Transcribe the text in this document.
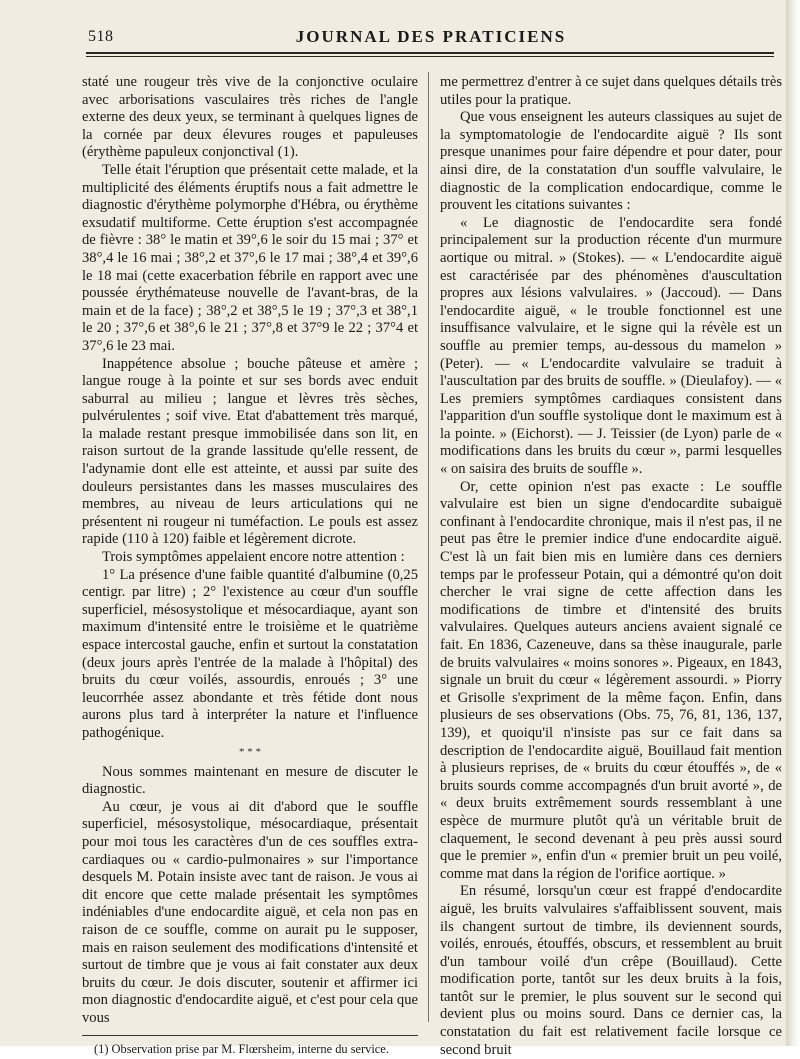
518	JOURNAL DES PRATICIENS

staté une rougeur très vive de la conjonctive oculaire avec arborisations vasculaires très riches de l'angle externe des deux yeux, se terminant à quelques lignes de la cornée par deux élevures rouges et papuleuses (érythème papuleux conjonctival (1).

Telle était l'éruption que présentait cette malade, et la multiplicité des éléments éruptifs nous a fait admettre le diagnostic d'érythème polymorphe d'Hébra, ou érythème exsudatif multiforme. Cette éruption s'est accompagnée de fièvre : 38° le matin et 39°,6 le soir du 15 mai ; 37° et 38°,4 le 16 mai ; 38°,2 et 37°,6 le 17 mai ; 38°,4 et 39°,6 le 18 mai (cette exacerbation fébrile en rapport avec une poussée érythémateuse nouvelle de l'avant-bras, de la main et de la face) ; 38°,2 et 38°,5 le 19 ; 37°,3 et 38°,1 le 20 ; 37°,6 et 38°,6 le 21 ; 37°,8 et 37°9 le 22 ; 37°4 et 37°,6 le 23 mai.

Inappétence absolue ; bouche pâteuse et amère ; langue rouge à la pointe et sur ses bords avec enduit saburral au milieu ; langue et lèvres très sèches, pulvérulentes ; soif vive. Etat d'abattement très marqué, la malade restant presque immobilisée dans son lit, en raison surtout de la grande lassitude qu'elle ressent, de l'adynamie dont elle est atteinte, et aussi par suite des douleurs persistantes dans les masses musculaires des membres, au niveau de leurs articulations qui ne présentent ni rougeur ni tuméfaction. Le pouls est assez rapide (110 à 120) faible et légèrement dicrote.

Trois symptômes appelaient encore notre attention :

1° La présence d'une faible quantité d'albumine (0,25 centigr. par litre) ; 2° l'existence au cœur d'un souffle superficiel, mésosystolique et mésocardiaque, ayant son maximum d'intensité entre le troisième et le quatrième espace intercostal gauche, enfin et surtout la constatation (deux jours après l'entrée de la malade à l'hôpital) des bruits du cœur voilés, assourdis, enroués ; 3° une leucorrhée assez abondante et très fétide dont nous aurons plus tard à interpréter la nature et l'influence pathogénique.

* * *

Nous sommes maintenant en mesure de discuter le diagnostic.

Au cœur, je vous ai dit d'abord que le souffle superficiel, mésosystolique, mésocardiaque, présentait pour moi tous les caractères d'un de ces souffles extra-cardiaques ou « cardio-pulmonaires » sur l'importance desquels M. Potain insiste avec tant de raison. Je vous ai dit encore que cette malade présentait les symptômes indéniables d'une endocardite aiguë, et cela non pas en raison de ce souffle, comme on aurait pu le supposer, mais en raison seulement des modifications d'intensité et surtout de timbre que je vous ai fait constater aux deux bruits du cœur. Je dois discuter, soutenir et affirmer ici mon diagnostic d'endocardite aiguë, et c'est pour cela que vous

(1) Observation prise par M. Flœrsheim, interne du service.

me permettrez d'entrer à ce sujet dans quelques détails très utiles pour la pratique.

Que vous enseignent les auteurs classiques au sujet de la symptomatologie de l'endocardite aiguë ? Ils sont presque unanimes pour faire dépendre et pour dater, pour ainsi dire, de la constatation d'un souffle valvulaire, le diagnostic de la complication endocardique, comme le prouvent les citations suivantes :

« Le diagnostic de l'endocardite sera fondé principalement sur la production récente d'un murmure aortique ou mitral. » (Stokes). — « L'endocardite aiguë est caractérisée par des phénomènes d'auscultation propres aux lésions valvulaires. » (Jaccoud). — Dans l'endocardite aiguë, « le trouble fonctionnel est une insuffisance valvulaire, et le signe qui la révèle est un souffle au premier temps, au-dessous du mamelon » (Peter). — « L'endocardite valvulaire se traduit à l'auscultation par des bruits de souffle. » (Dieulafoy). — « Les premiers symptômes cardiaques consistent dans l'apparition d'un souffle systolique dont le maximum est à la pointe. » (Eichorst). — J. Teissier (de Lyon) parle de « modifications dans les bruits du cœur », parmi lesquelles « on saisira des bruits de souffle ».

Or, cette opinion n'est pas exacte : Le souffle valvulaire est bien un signe d'endocardite subaiguë confinant à l'endocardite chronique, mais il n'est pas, il ne peut pas être le premier indice d'une endocardite aiguë. C'est là un fait bien mis en lumière dans ces derniers temps par le professeur Potain, qui a démontré qu'on doit chercher le vrai signe de cette affection dans les modifications de timbre et d'intensité des bruits valvulaires. Quelques auteurs anciens avaient signalé ce fait. En 1836, Cazeneuve, dans sa thèse inaugurale, parle de bruits valvulaires « moins sonores ». Pigeaux, en 1843, signale un bruit du cœur « légèrement assourdi. » Piorry et Grisolle s'expriment de la même façon. Enfin, dans plusieurs de ses observations (Obs. 75, 76, 81, 136, 137, 139), et quoiqu'il n'insiste pas sur ce fait dans sa description de l'endocardite aiguë, Bouillaud fait mention à plusieurs reprises, de « bruits du cœur étouffés », de « bruits sourds comme accompagnés d'un bruit avorté », de « deux bruits extrêmement sourds ressemblant à une espèce de murmure plutôt qu'à un véritable bruit de claquement, le second devenant à peu près aussi sourd que le premier », enfin d'un « premier bruit un peu voilé, comme mat dans la région de l'orifice aortique. »

En résumé, lorsqu'un cœur est frappé d'endocardite aiguë, les bruits valvulaires s'affaiblissent souvent, mais ils changent surtout de timbre, ils deviennent sourds, voilés, enroués, étouffés, obscurs, et ressemblent au bruit d'un tambour voilé d'un crêpe (Bouillaud). Cette modification porte, tantôt sur les deux bruits à la fois, tantôt sur le premier, le plus souvent sur le second qui devient plus ou moins sourd. Dans ce dernier cas, la constatation du fait est relativement facile lorsque ce second bruit
